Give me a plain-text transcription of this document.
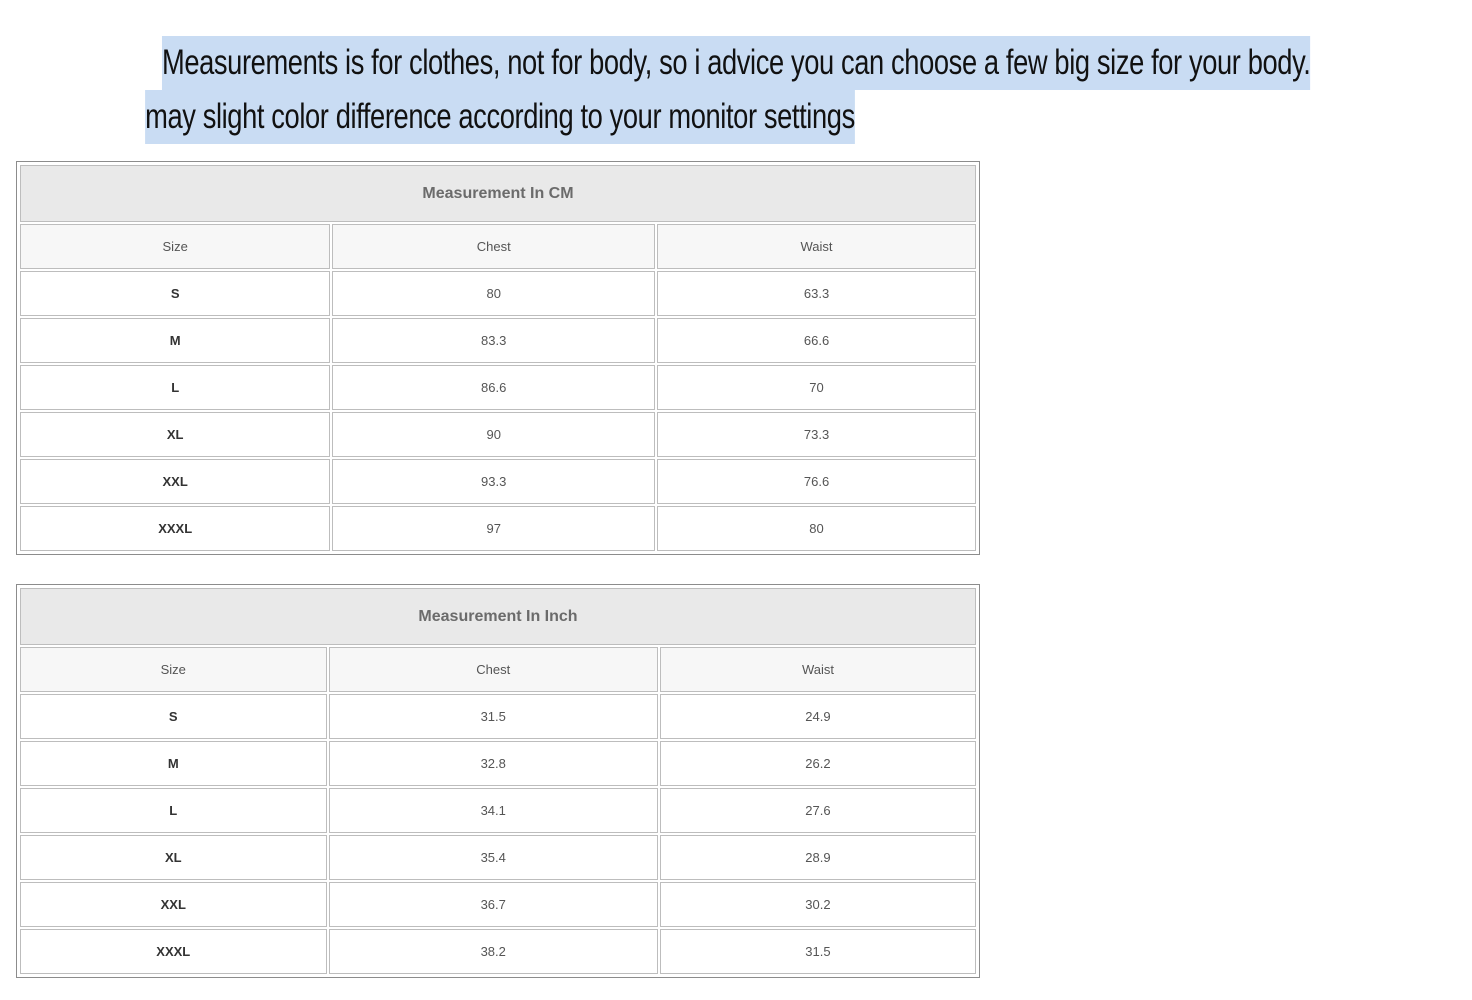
Measurements is for clothes, not for body, so i advice you can choose a few big size for your body.
may slight color difference according to your monitor settings
Measurement In CM		
Size	Chest	Waist
S	80	63.3
M	83.3	66.6
L	86.6	70
XL	90	73.3
XXL	93.3	76.6
XXXL	97	80
Measurement In Inch		
Size	Chest	Waist
S	31.5	24.9
M	32.8	26.2
L	34.1	27.6
XL	35.4	28.9
XXL	36.7	30.2
XXXL	38.2	31.5
